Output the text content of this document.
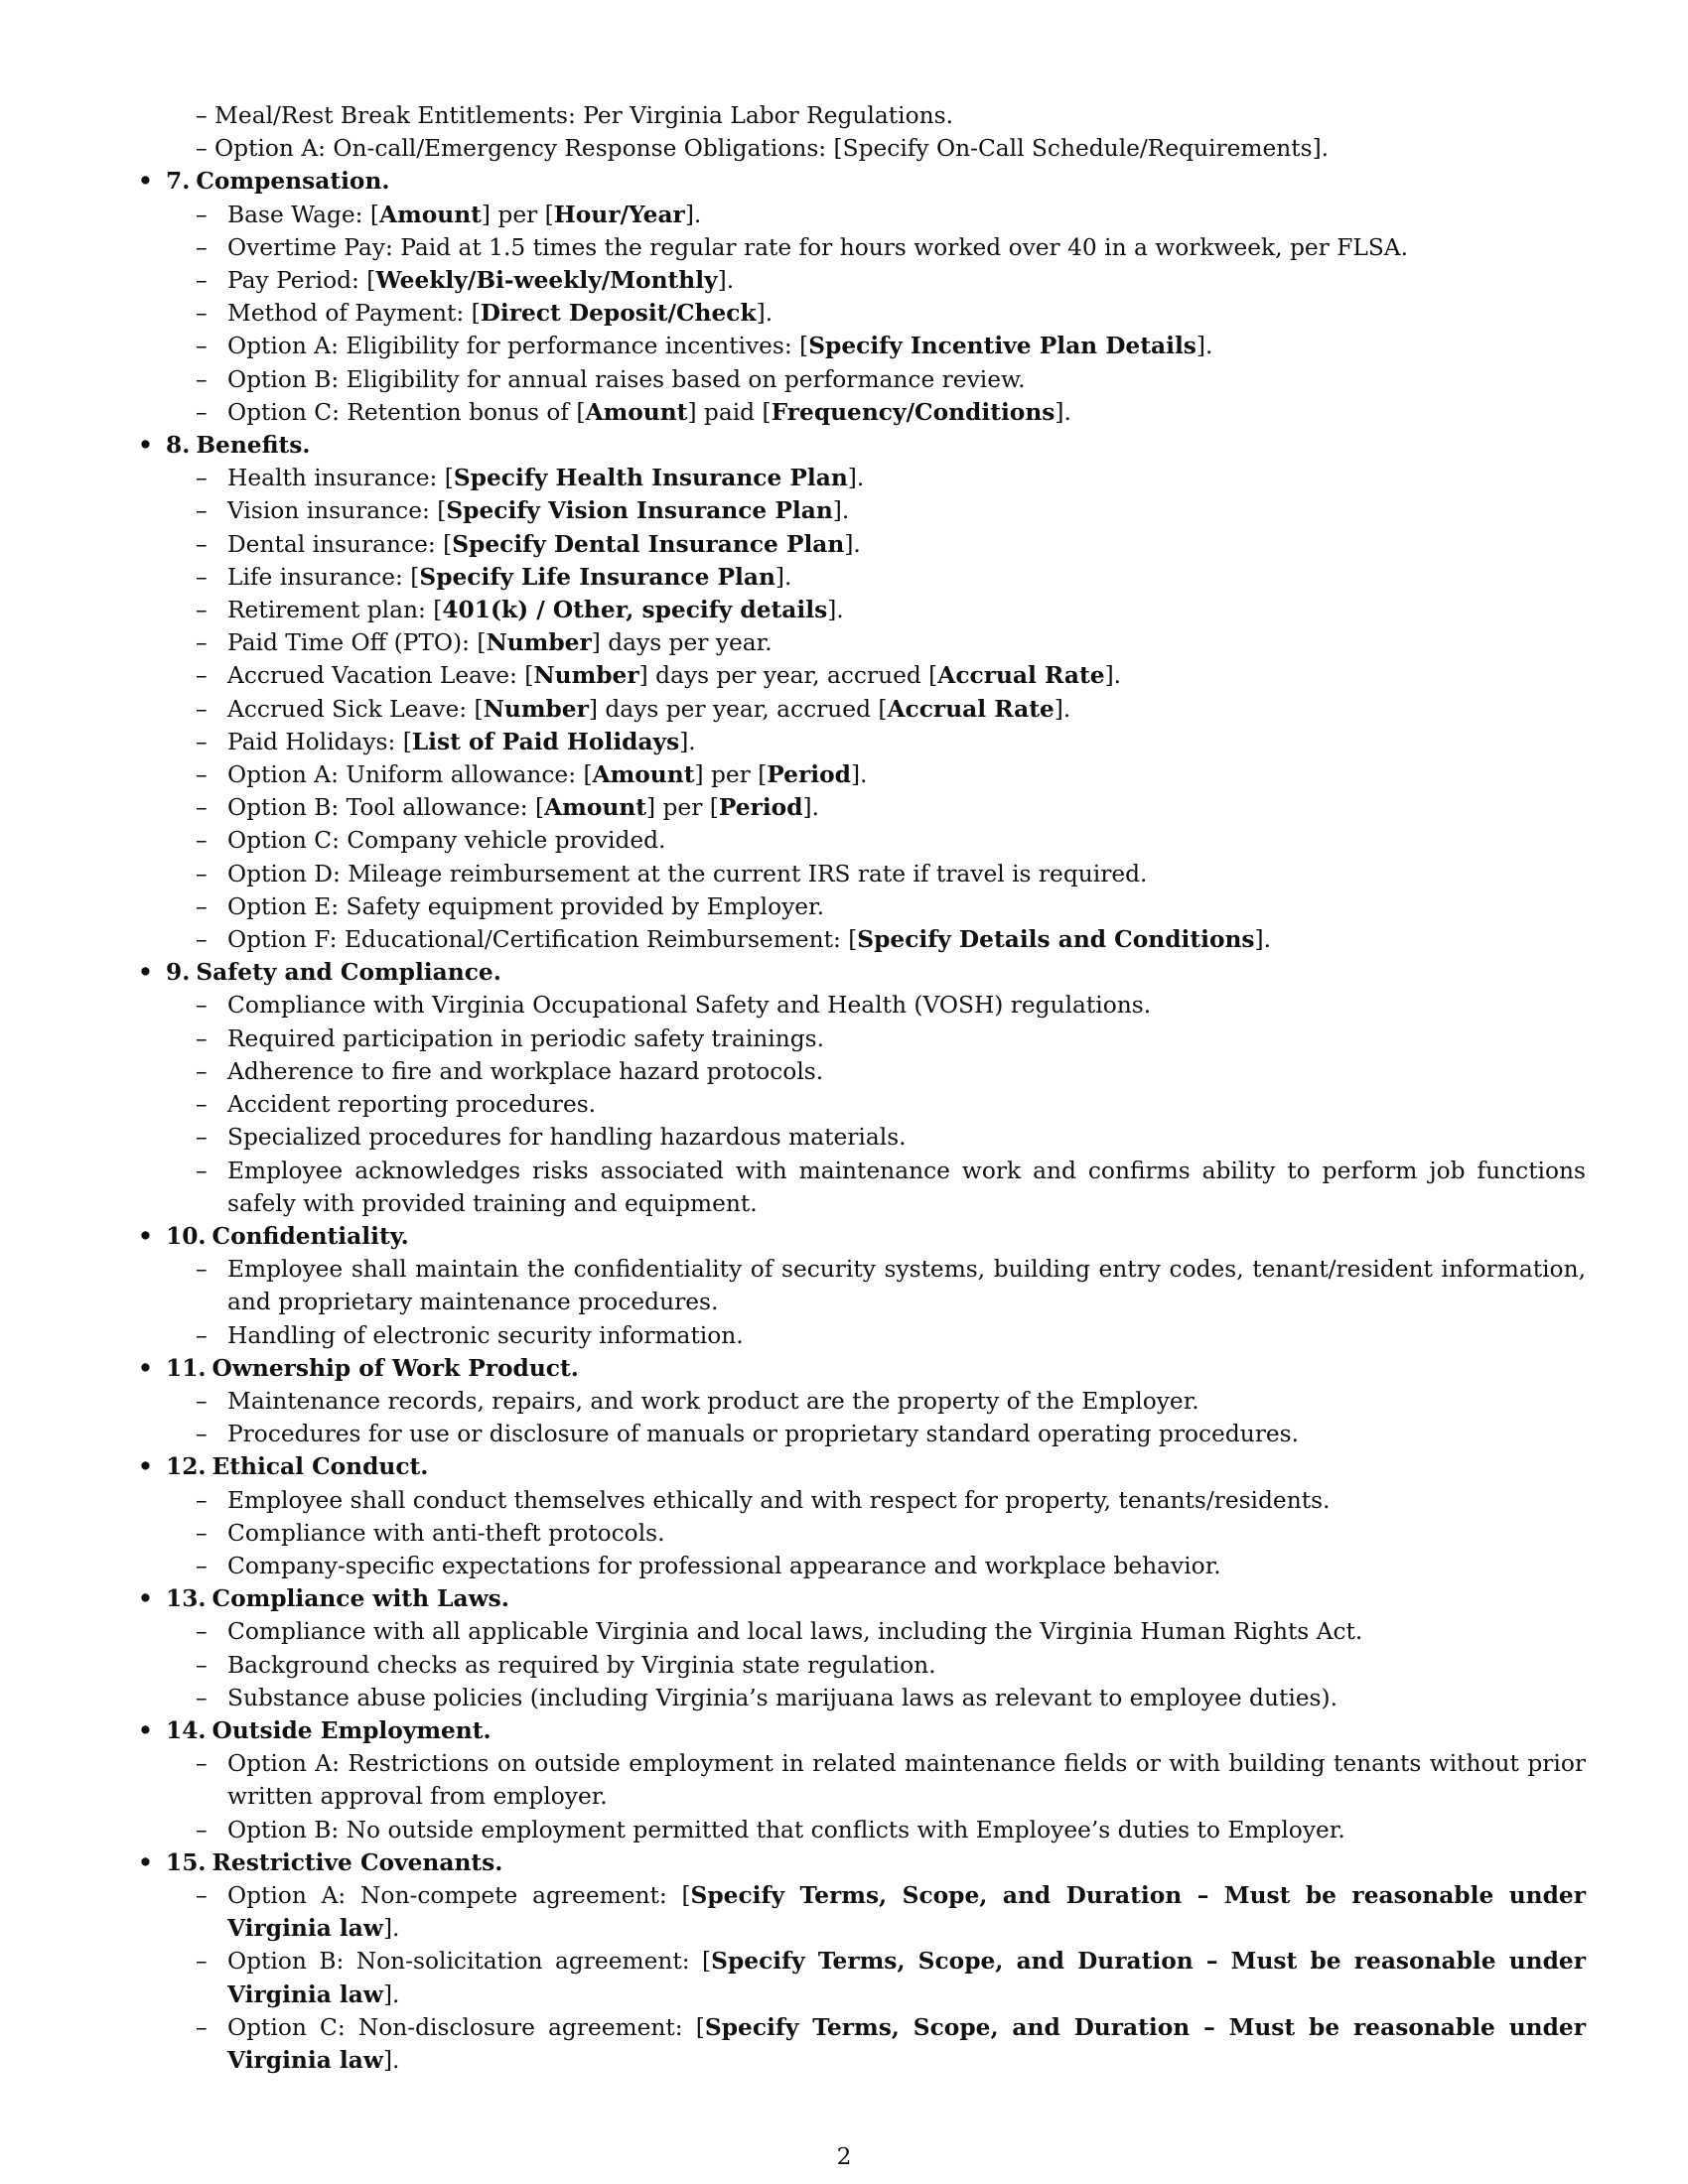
– Meal/Rest Break Entitlements: Per Virginia Labor Regulations.
– Option A: On-call/Emergency Response Obligations: [Specify On-Call Schedule/Requirements].
• 7. Compensation.
– Base Wage: [Amount] per [Hour/Year].
– Overtime Pay: Paid at 1.5 times the regular rate for hours worked over 40 in a workweek, per FLSA.
– Pay Period: [Weekly/Bi-weekly/Monthly].
– Method of Payment: [Direct Deposit/Check].
– Option A: Eligibility for performance incentives: [Specify Incentive Plan Details].
– Option B: Eligibility for annual raises based on performance review.
– Option C: Retention bonus of [Amount] paid [Frequency/Conditions].
• 8. Benefits.
– Health insurance: [Specify Health Insurance Plan].
– Vision insurance: [Specify Vision Insurance Plan].
– Dental insurance: [Specify Dental Insurance Plan].
– Life insurance: [Specify Life Insurance Plan].
– Retirement plan: [401(k) / Other, specify details].
– Paid Time Off (PTO): [Number] days per year.
– Accrued Vacation Leave: [Number] days per year, accrued [Accrual Rate].
– Accrued Sick Leave: [Number] days per year, accrued [Accrual Rate].
– Paid Holidays: [List of Paid Holidays].
– Option A: Uniform allowance: [Amount] per [Period].
– Option B: Tool allowance: [Amount] per [Period].
– Option C: Company vehicle provided.
– Option D: Mileage reimbursement at the current IRS rate if travel is required.
– Option E: Safety equipment provided by Employer.
– Option F: Educational/Certification Reimbursement: [Specify Details and Conditions].
• 9. Safety and Compliance.
– Compliance with Virginia Occupational Safety and Health (VOSH) regulations.
– Required participation in periodic safety trainings.
– Adherence to fire and workplace hazard protocols.
– Accident reporting procedures.
– Specialized procedures for handling hazardous materials.
– Employee acknowledges risks associated with maintenance work and confirms ability to perform job functions safely with provided training and equipment.
• 10. Confidentiality.
– Employee shall maintain the confidentiality of security systems, building entry codes, tenant/resident information, and proprietary maintenance procedures.
– Handling of electronic security information.
• 11. Ownership of Work Product.
– Maintenance records, repairs, and work product are the property of the Employer.
– Procedures for use or disclosure of manuals or proprietary standard operating procedures.
• 12. Ethical Conduct.
– Employee shall conduct themselves ethically and with respect for property, tenants/residents.
– Compliance with anti-theft protocols.
– Company-specific expectations for professional appearance and workplace behavior.
• 13. Compliance with Laws.
– Compliance with all applicable Virginia and local laws, including the Virginia Human Rights Act.
– Background checks as required by Virginia state regulation.
– Substance abuse policies (including Virginia’s marijuana laws as relevant to employee duties).
• 14. Outside Employment.
– Option A: Restrictions on outside employment in related maintenance fields or with building tenants without prior written approval from employer.
– Option B: No outside employment permitted that conflicts with Employee’s duties to Employer.
• 15. Restrictive Covenants.
– Option A: Non-compete agreement: [Specify Terms, Scope, and Duration – Must be reasonable under Virginia law].
– Option B: Non-solicitation agreement: [Specify Terms, Scope, and Duration – Must be reasonable under Virginia law].
– Option C: Non-disclosure agreement: [Specify Terms, Scope, and Duration – Must be reasonable under Virginia law].
2
